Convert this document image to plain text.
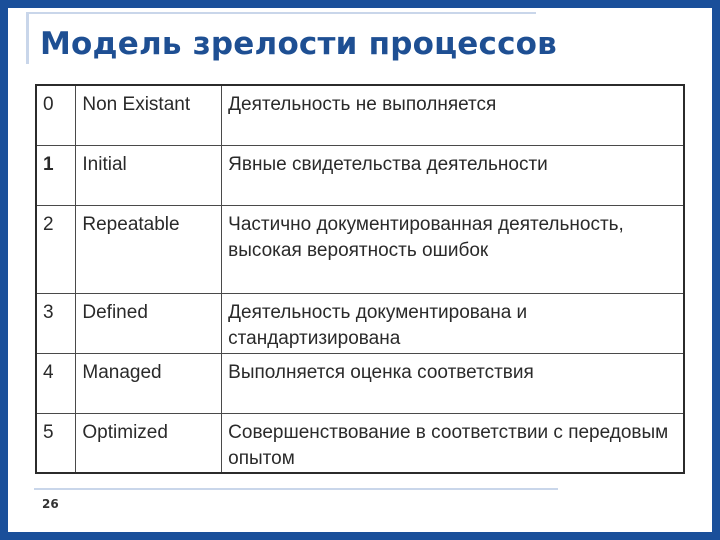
Модель зрелости процессов
0	Non Existant	Деятельность не выполняется
1	Initial	Явные свидетельства деятельности
2	Repeatable	Частично документированная деятельность, высокая вероятность ошибок
3	Defined	Деятельность документирована и стандартизирована
4	Managed	Выполняется оценка соответствия
5	Optimized	Совершенствование в соответствии с передовым опытом
26
